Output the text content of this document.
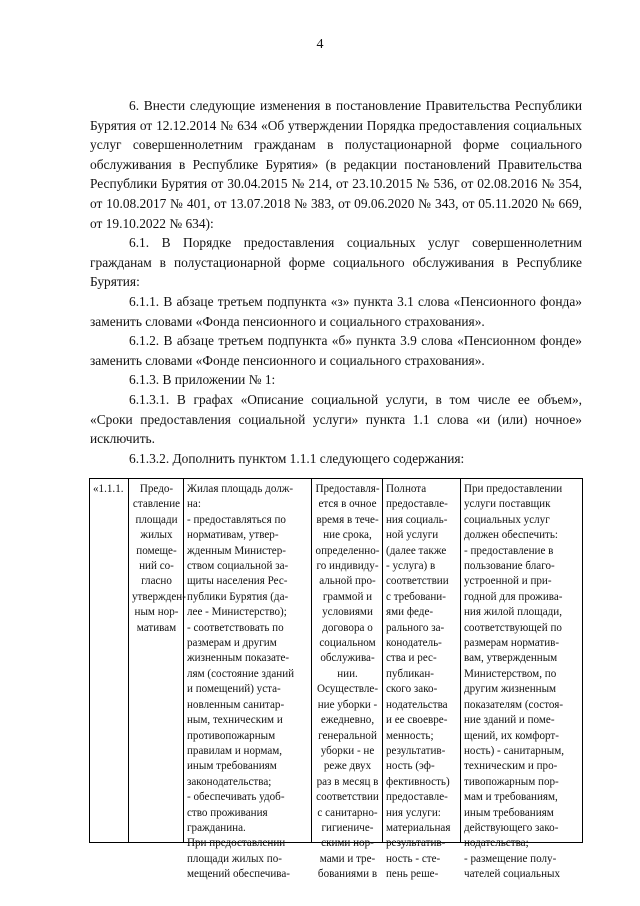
4

6. Внести следующие изменения в постановление Правительства Республики Бурятия от 12.12.2014 № 634 «Об утверждении Порядка предоставления социальных услуг совершеннолетним гражданам в полустационарной форме социального обслуживания в Республике Бурятия» (в редакции постановлений Правительства Республики Бурятия от 30.04.2015 № 214, от 23.10.2015 № 536, от 02.08.2016 № 354, от 10.08.2017 № 401, от 13.07.2018 № 383, от 09.06.2020 № 343, от 05.11.2020 № 669, от 19.10.2022 № 634):

6.1. В Порядке предоставления социальных услуг совершеннолетним гражданам в полустационарной форме социального обслуживания в Республике Бурятия:

6.1.1. В абзаце третьем подпункта «з» пункта 3.1 слова «Пенсионного фонда» заменить словами «Фонда пенсионного и социального страхования».

6.1.2. В абзаце третьем подпункта «б» пункта 3.9 слова «Пенсионном фонде» заменить словами «Фонде пенсионного и социального страхования».

6.1.3. В приложении № 1:

6.1.3.1. В графах «Описание социальной услуги, в том числе ее объем», «Сроки предоставления социальной услуги» пункта 1.1 слова «и (или) ночное» исключить.

6.1.3.2. Дополнить пунктом 1.1.1 следующего содержания:

«1.1.1.	Предо-
ставление
площади
жилых
помеще-
ний со-
гласно
утвержден-
ным нор-
мативам

Жилая площадь долж-
на:
- предоставляться по
нормативам, утвер-
жденным Министер-
ством социальной за-
щиты населения Рес-
публики Бурятия (да-
лее - Министерство);
- соответствовать по
размерам и другим
жизненным показате-
лям (состояние зданий
и помещений) уста-
новленным санитар-
ным, техническим и
противопожарным
правилам и нормам,
иным требованиям
законодательства;
- обеспечивать удоб-
ство проживания
гражданина.
При предоставлении
площади жилых по-
мещений обеспечива-

Предоставля-
ется в очное
время в тече-
ние срока,
определенно-
го индивиду-
альной про-
граммой и
условиями
договора о
социальном
обслужива-
нии.
Осуществле-
ние уборки -
ежедневно,
генеральной
уборки - не
реже двух
раз в месяц в
соответствии
с санитарно-
гигиениче-
скими нор-
мами и тре-
бованиями в

Полнота
предоставле-
ния социаль-
ной услуги
(далее также
- услуга) в
соответствии
с требовани-
ями феде-
рального за-
конодатель-
ства и рес-
публикан-
ского зако-
нодательства
и ее своевре-
менность;
результатив-
ность (эф-
фективность)
предоставле-
ния услуги:
материальная
результатив-
ность - сте-
пень реше-

При предоставлении
услуги поставщик
социальных услуг
должен обеспечить:
- предоставление в
пользование благо-
устроенной и при-
годной для прожива-
ния жилой площади,
соответствующей по
размерам норматив-
вам, утвержденным
Министерством, по
другим жизненным
показателям (состоя-
ние зданий и поме-
щений, их комфорт-
ность) - санитарным,
техническим и про-
тивопожарным пор-
мам и требованиям,
иным требованиям
действующего зако-
нодательства;
- размещение полу-
чателей социальных
